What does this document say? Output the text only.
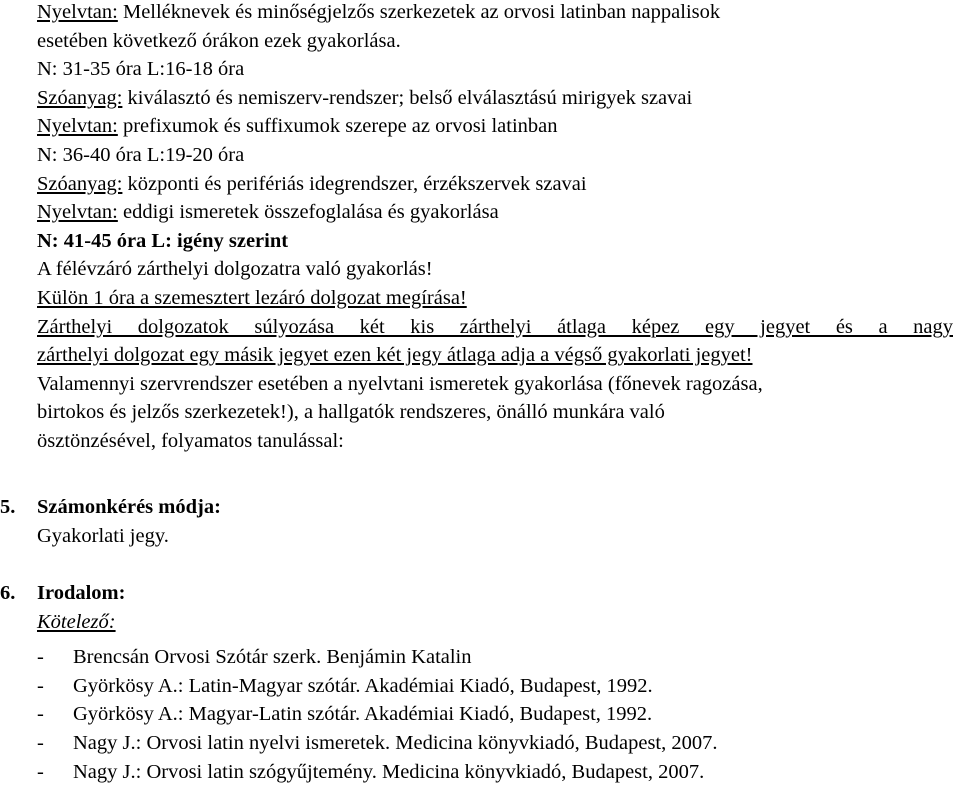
Nyelvtan: Melléknevek és minőségjelzős szerkezetek az orvosi latinban nappalisok
esetében következő órákon ezek gyakorlása.
N: 31-35 óra L:16-18 óra
Szóanyag: kiválasztó és nemiszerv-rendszer; belső elválasztású mirigyek szavai
Nyelvtan: prefixumok és suffixumok szerepe az orvosi latinban
N: 36-40 óra L:19-20 óra
Szóanyag: központi és perifériás idegrendszer, érzékszervek szavai
Nyelvtan: eddigi ismeretek összefoglalása és gyakorlása
N: 41-45 óra L: igény szerint
A félévzáró zárthelyi dolgozatra való gyakorlás!
Külön 1 óra a szemesztert lezáró dolgozat megírása!
Zárthelyi dolgozatok súlyozása két kis zárthelyi átlaga képez egy jegyet és a nagy
zárthelyi dolgozat egy másik jegyet ezen két jegy átlaga adja a végső gyakorlati jegyet!
Valamennyi szervrendszer esetében a nyelvtani ismeretek gyakorlása (főnevek ragozása,
birtokos és jelzős szerkezetek!), a hallgatók rendszeres, önálló munkára való
ösztönzésével, folyamatos tanulással:
5. Számonkérés módja:
Gyakorlati jegy.
6. Irodalom:
Kötelező:
- Brencsán Orvosi Szótár szerk. Benjámin Katalin
- Györkösy A.: Latin-Magyar szótár. Akadémiai Kiadó, Budapest, 1992.
- Györkösy A.: Magyar-Latin szótár. Akadémiai Kiadó, Budapest, 1992.
- Nagy J.: Orvosi latin nyelvi ismeretek. Medicina könyvkiadó, Budapest, 2007.
- Nagy J.: Orvosi latin szógyűjtemény. Medicina könyvkiadó, Budapest, 2007.
